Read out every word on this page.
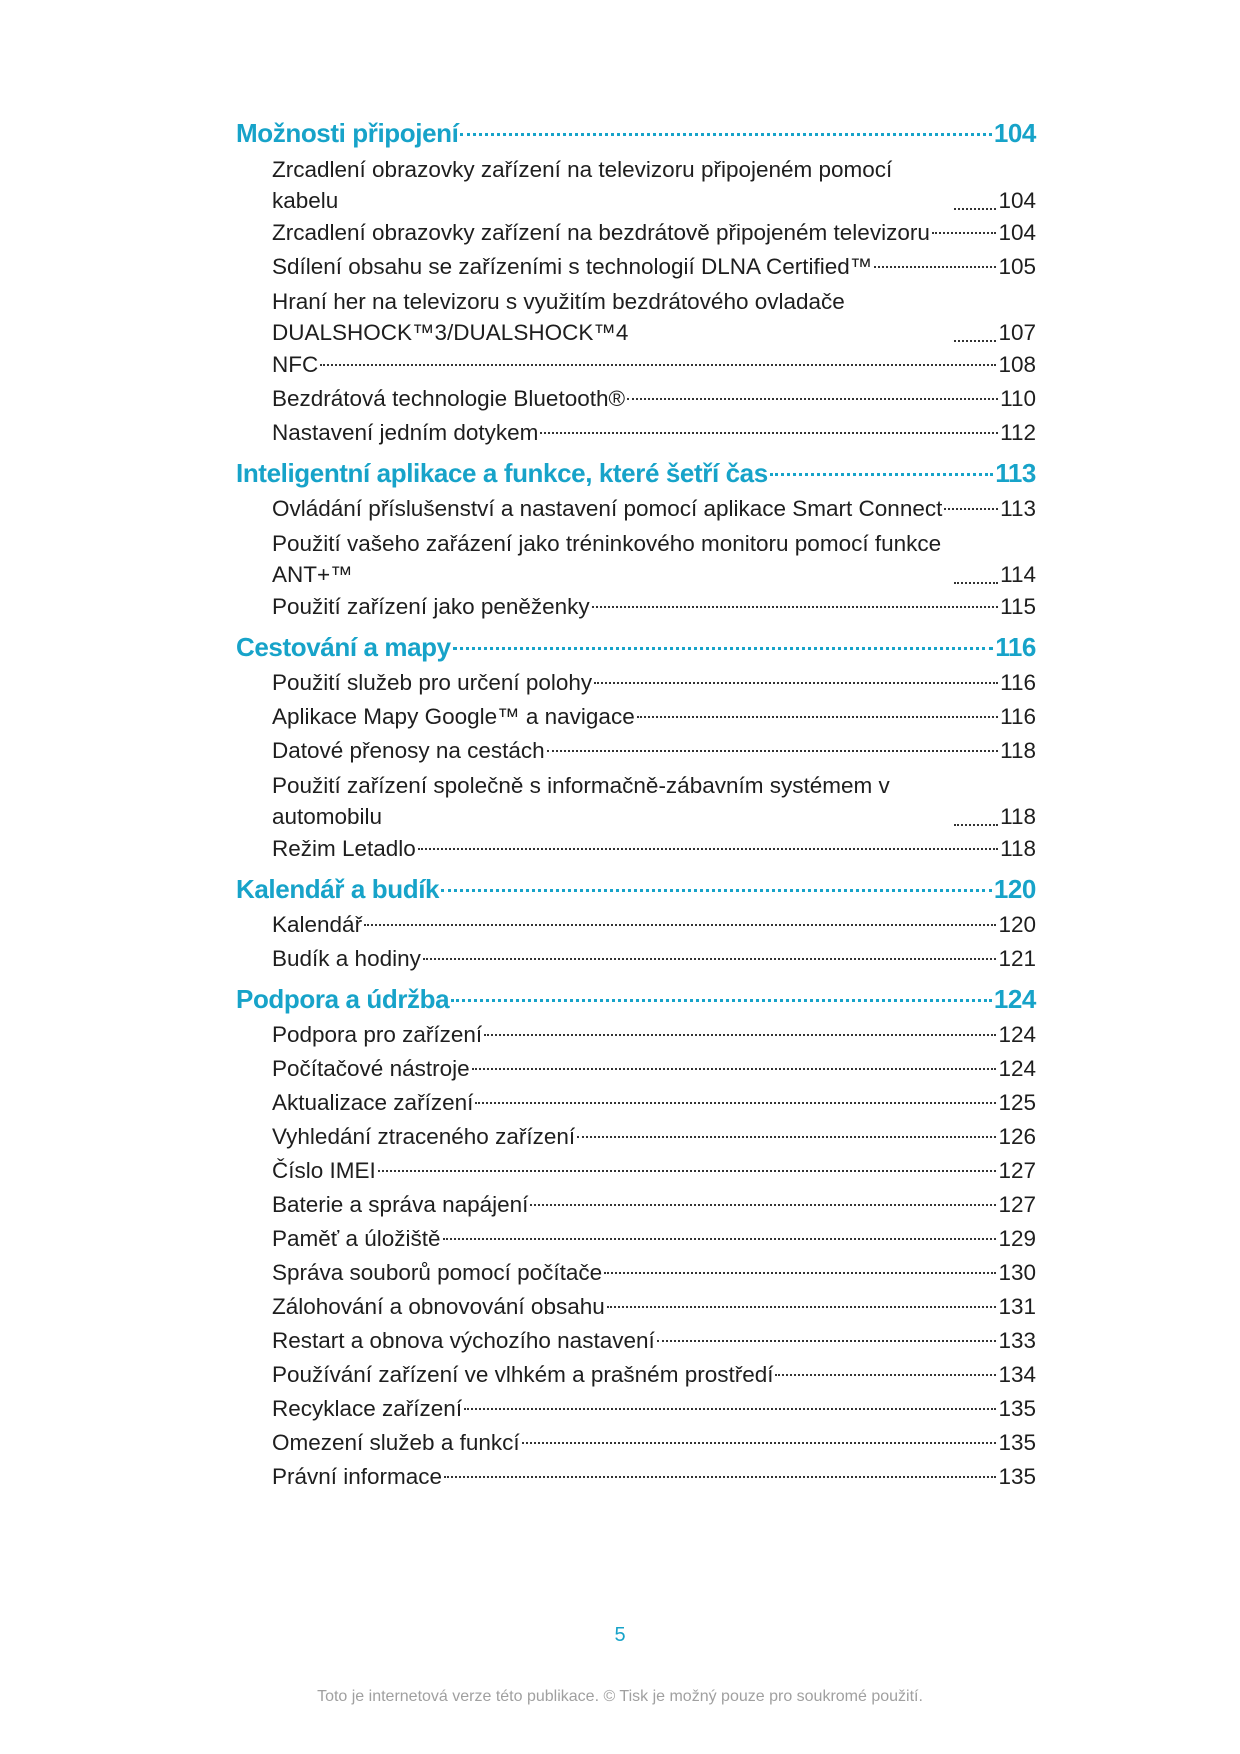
Možnosti připojení	104
Zrcadlení obrazovky zařízení na televizoru připojeném pomocí kabelu	104
Zrcadlení obrazovky zařízení na bezdrátově připojeném televizoru	104
Sdílení obsahu se zařízeními s technologií DLNA Certified™	105
Hraní her na televizoru s využitím bezdrátového ovladače DUALSHOCK™3/DUALSHOCK™4	107
NFC	108
Bezdrátová technologie Bluetooth®	110
Nastavení jedním dotykem	112
Inteligentní aplikace a funkce, které šetří čas	113
Ovládání příslušenství a nastavení pomocí aplikace Smart Connect	113
Použití vašeho zařázení jako tréninkového monitoru pomocí funkce ANT+™	114
Použití zařízení jako peněženky	115
Cestování a mapy	116
Použití služeb pro určení polohy	116
Aplikace Mapy Google™ a navigace	116
Datové přenosy na cestách	118
Použití zařízení společně s informačně-zábavním systémem v automobilu	118
Režim Letadlo	118
Kalendář a budík	120
Kalendář	120
Budík a hodiny	121
Podpora a údržba	124
Podpora pro zařízení	124
Počítačové nástroje	124
Aktualizace zařízení	125
Vyhledání ztraceného zařízení	126
Číslo IMEI	127
Baterie a správa napájení	127
Paměť a úložiště	129
Správa souborů pomocí počítače	130
Zálohování a obnovování obsahu	131
Restart a obnova výchozího nastavení	133
Používání zařízení ve vlhkém a prašném prostředí	134
Recyklace zařízení	135
Omezení služeb a funkcí	135
Právní informace	135
5
Toto je internetová verze této publikace. © Tisk je možný pouze pro soukromé použití.
